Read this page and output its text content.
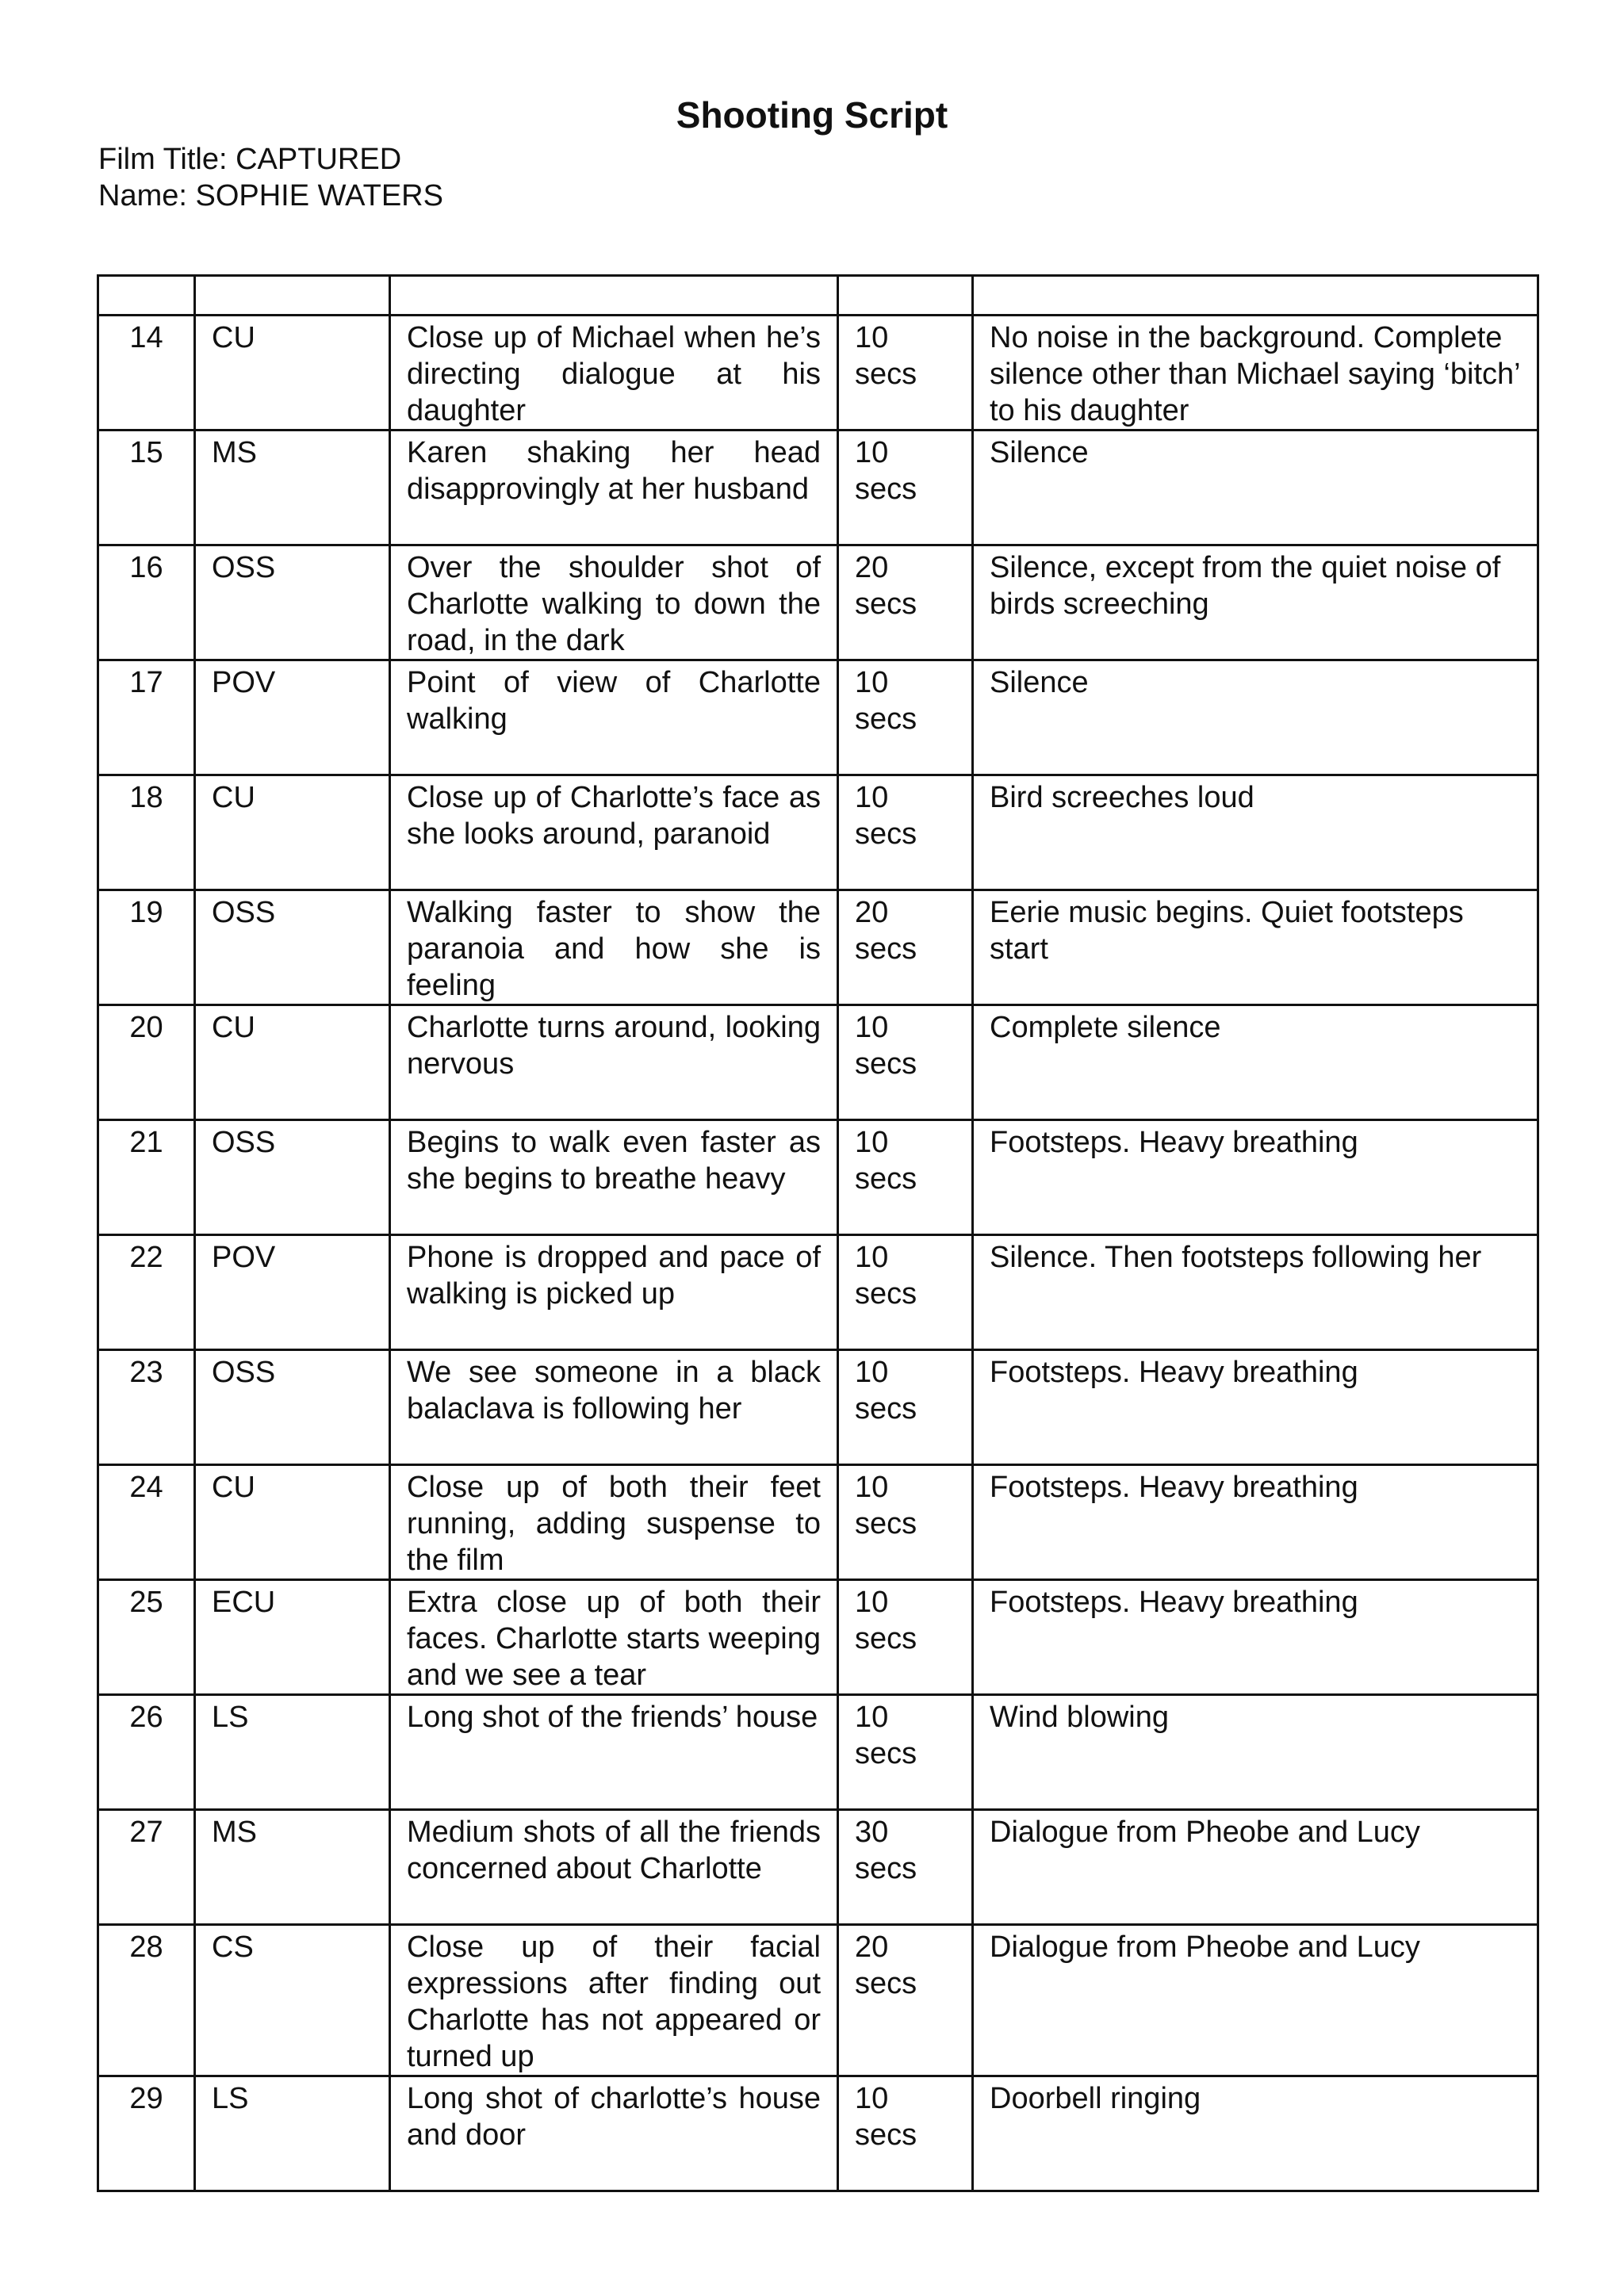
Shooting Script
Film Title: CAPTURED
Name: SOPHIE WATERS

14	CU	Close up of Michael when he’s directing dialogue at his daughter	10 secs	No noise in the background. Complete silence other than Michael saying ‘bitch’ to his daughter
15	MS	Karen shaking her head disapprovingly at her husband	10 secs	Silence
16	OSS	Over the shoulder shot of Charlotte walking to down the road, in the dark	20 secs	Silence, except from the quiet noise of birds screeching
17	POV	Point of view of Charlotte walking	10 secs	Silence
18	CU	Close up of Charlotte’s face as she looks around, paranoid	10 secs	Bird screeches loud
19	OSS	Walking faster to show the paranoia and how she is feeling	20 secs	Eerie music begins. Quiet footsteps start
20	CU	Charlotte turns around, looking nervous	10 secs	Complete silence
21	OSS	Begins to walk even faster as she begins to breathe heavy	10 secs	Footsteps. Heavy breathing
22	POV	Phone is dropped and pace of walking is picked up	10 secs	Silence. Then footsteps following her
23	OSS	We see someone in a black balaclava is following her	10 secs	Footsteps. Heavy breathing
24	CU	Close up of both their feet running, adding suspense to the film	10 secs	Footsteps. Heavy breathing
25	ECU	Extra close up of both their faces. Charlotte starts weeping and we see a tear	10 secs	Footsteps. Heavy breathing
26	LS	Long shot of the friends’ house	10 secs	Wind blowing
27	MS	Medium shots of all the friends concerned about Charlotte	30 secs	Dialogue from Pheobe and Lucy
28	CS	Close up of their facial expressions after finding out Charlotte has not appeared or turned up	20 secs	Dialogue from Pheobe and Lucy
29	LS	Long shot of charlotte’s house and door	10 secs	Doorbell ringing
